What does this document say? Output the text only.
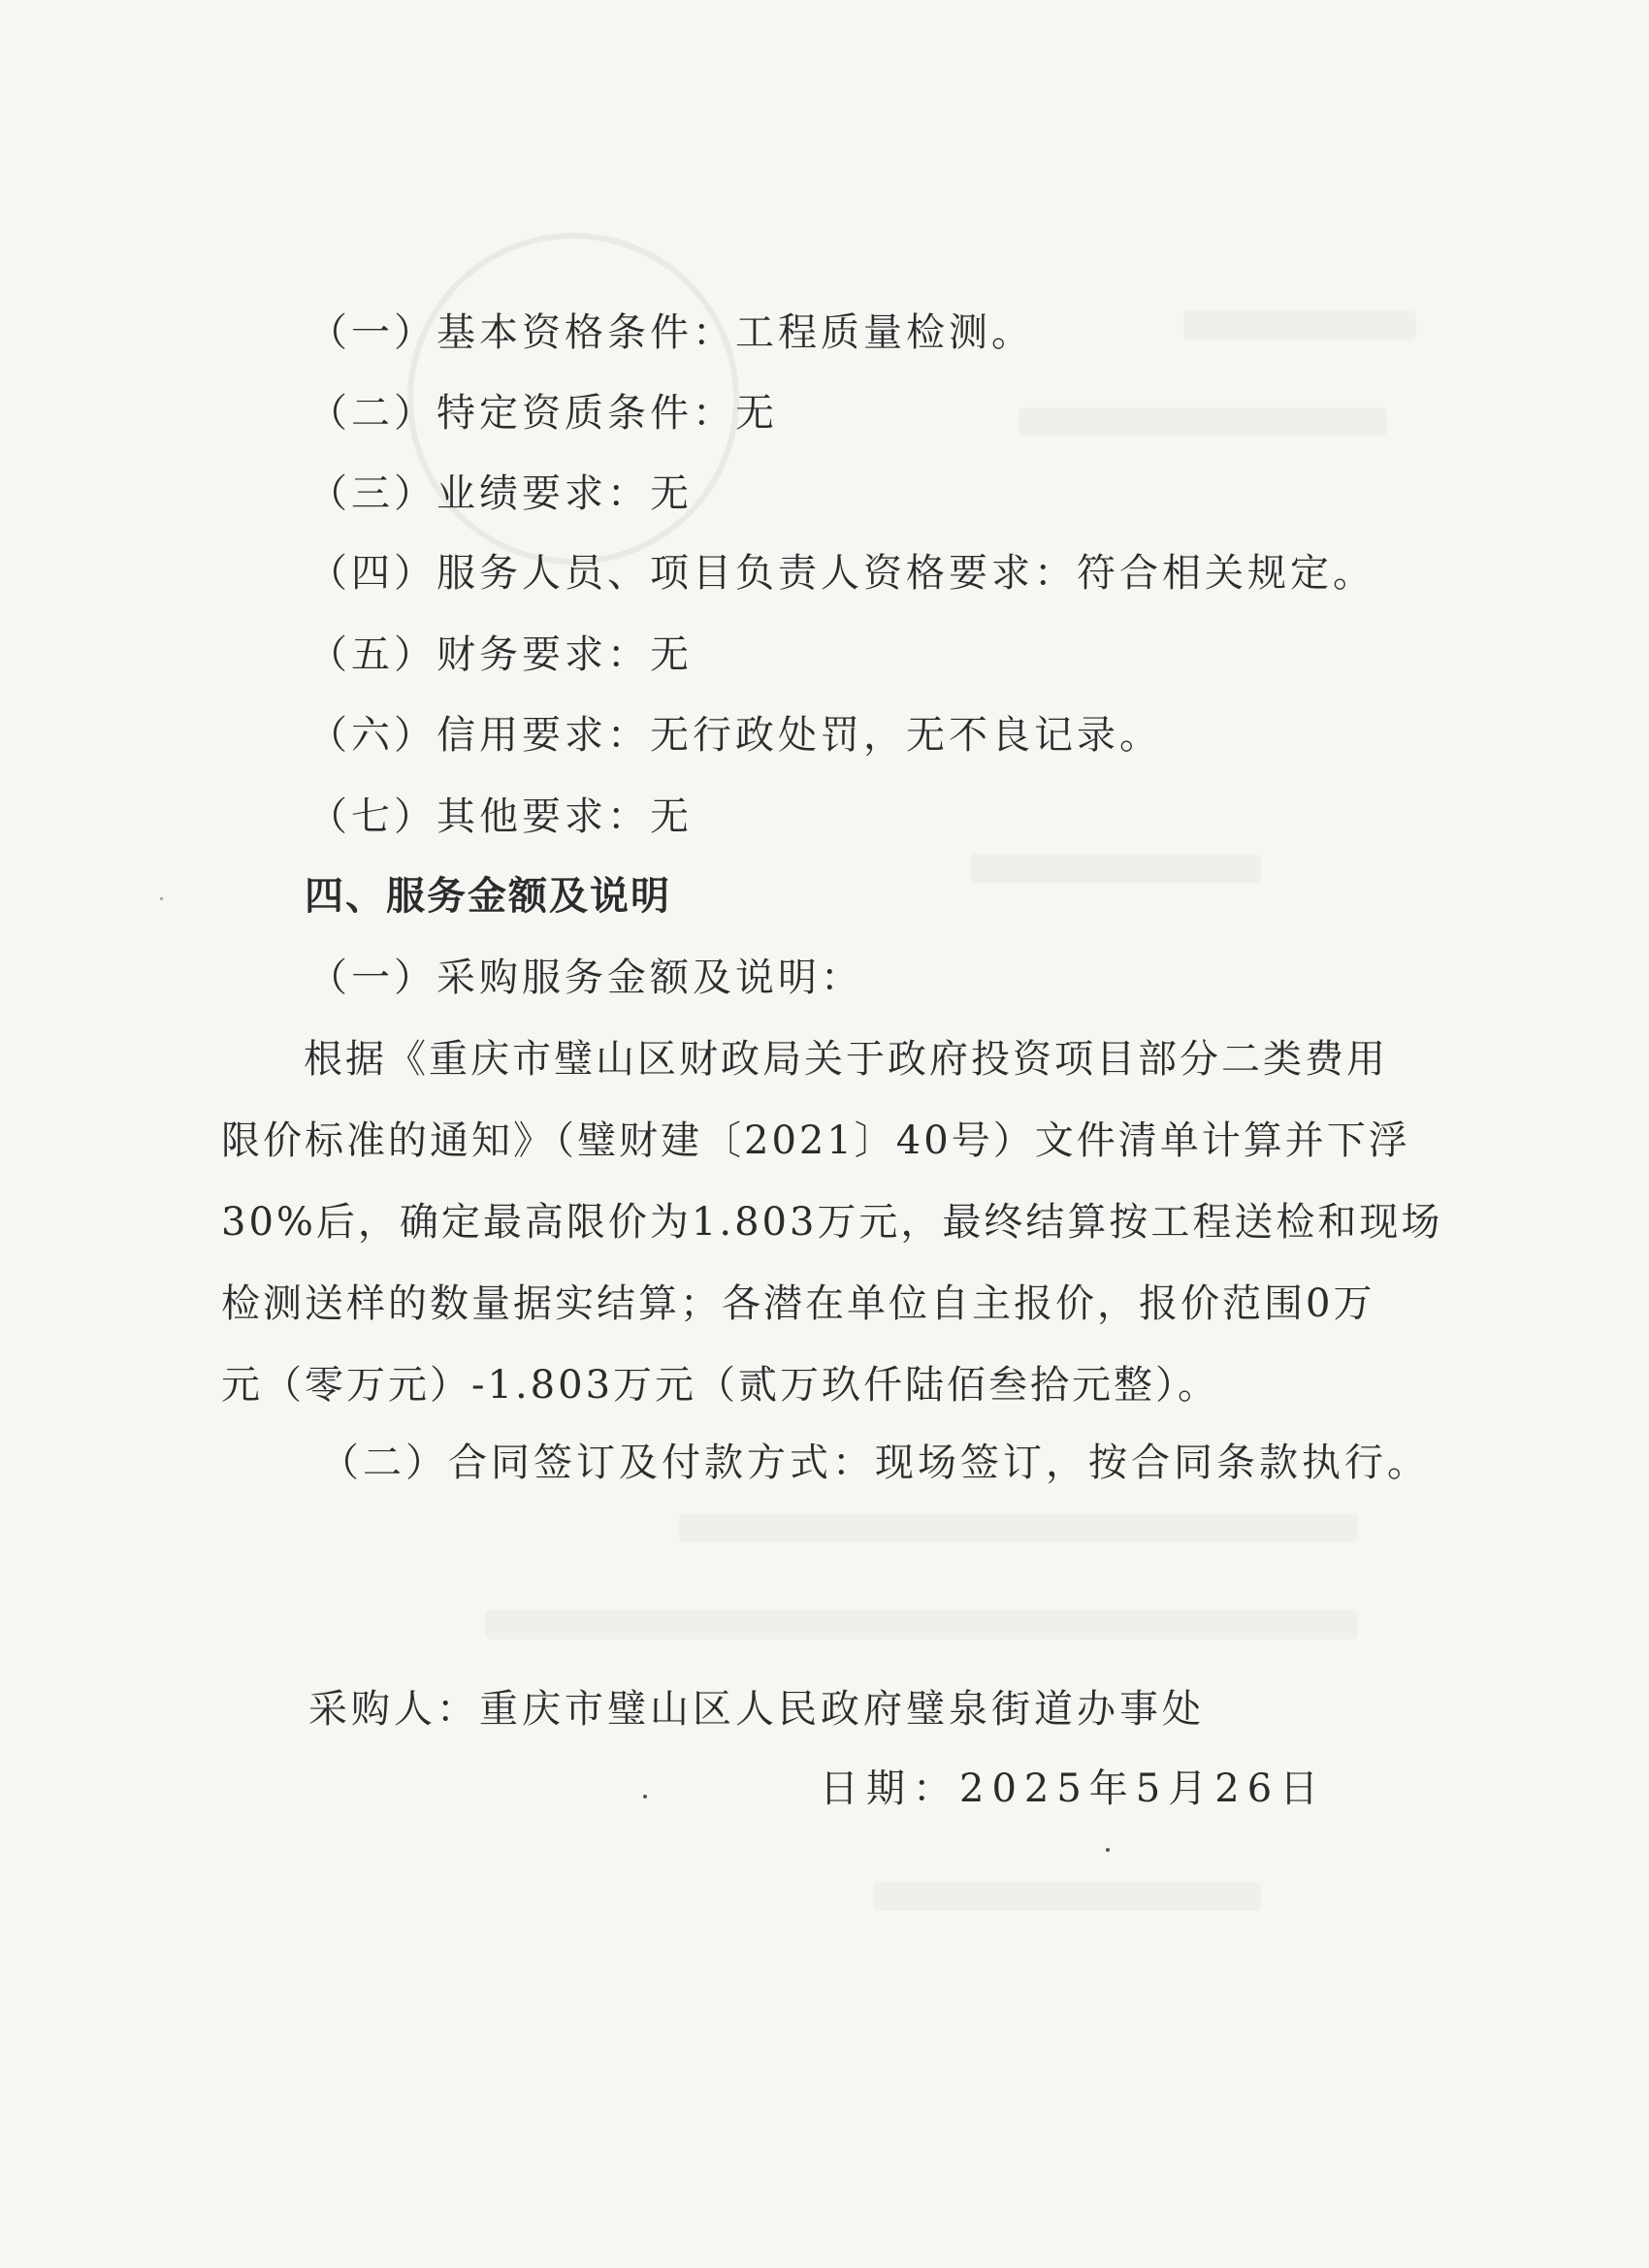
（一）基本资格条件：工程质量检测。
（二）特定资质条件：无
（三）业绩要求：无
（四）服务人员、项目负责人资格要求：符合相关规定。
（五）财务要求：无
（六）信用要求：无行政处罚，无不良记录。
（七）其他要求：无
四、服务金额及说明
（一）采购服务金额及说明：
根据《重庆市璧山区财政局关于政府投资项目部分二类费用
限价标准的通知》（璧财建〔2021〕40号）文件清单计算并下浮
30%后，确定最高限价为1.803万元，最终结算按工程送检和现场
检测送样的数量据实结算；各潜在单位自主报价，报价范围0万
元（零万元）-1.803万元（贰万玖仟陆佰叁拾元整）。
（二）合同签订及付款方式：现场签订，按合同条款执行。
采购人：重庆市璧山区人民政府璧泉街道办事处
日期：2025年5月26日
